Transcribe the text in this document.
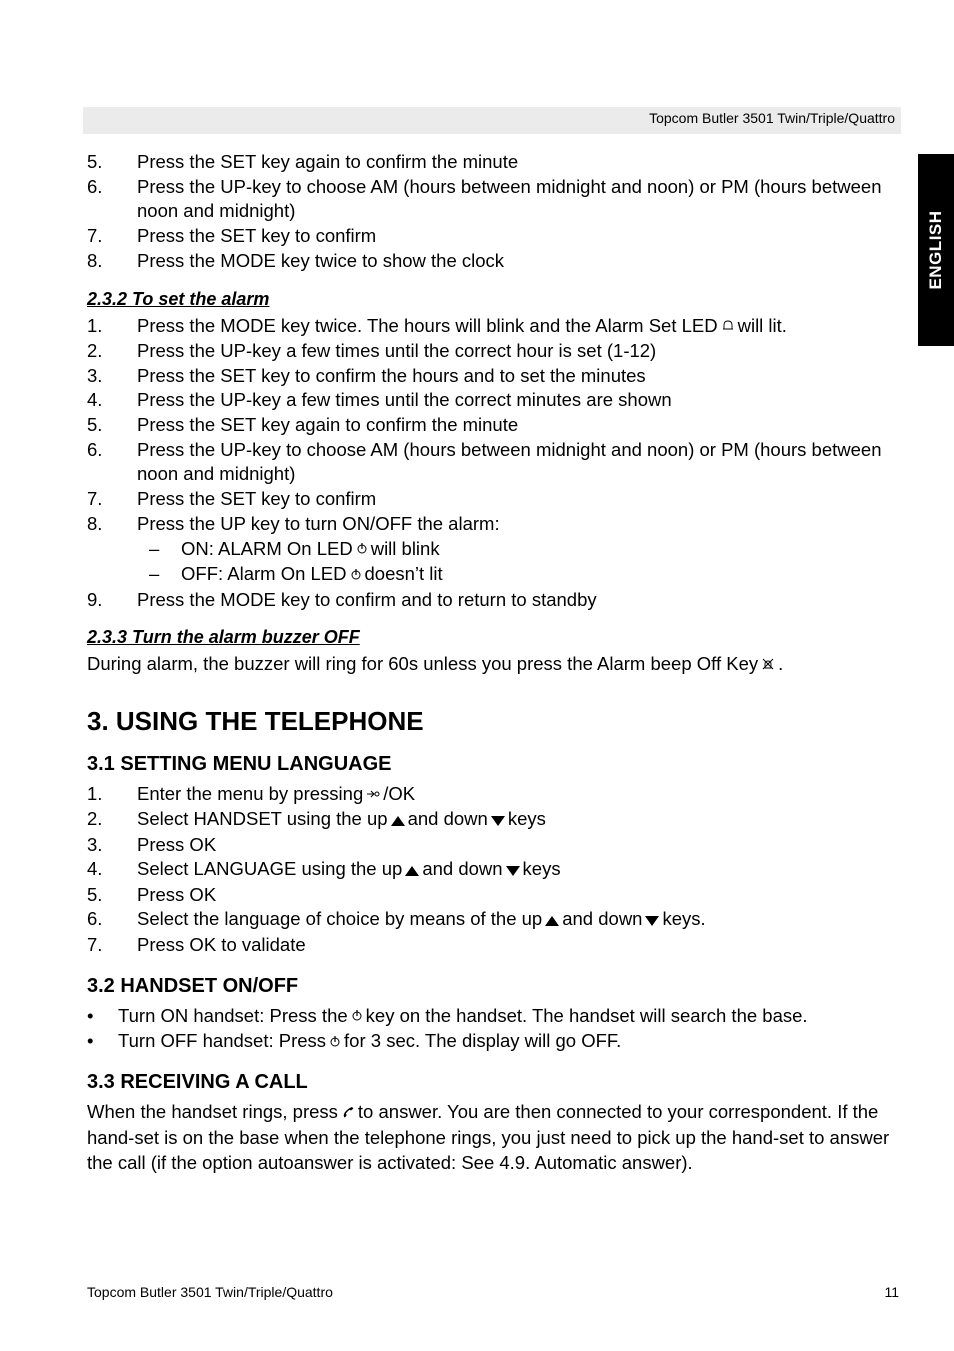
Topcom Butler 3501 Twin/Triple/Quattro
ENGLISH
5.	Press the SET key again to confirm the minute
6.	Press the UP-key to choose AM (hours between midnight and noon) or PM (hours between noon and midnight)
7.	Press the SET key to confirm
8.	Press the MODE key twice to show the clock
2.3.2 To set the alarm
1.	Press the MODE key twice. The hours will blink and the Alarm Set LED will lit.
2.	Press the UP-key a few times until the correct hour is set (1-12)
3.	Press the SET key to confirm the hours and to set the minutes
4.	Press the UP-key a few times until the correct minutes are shown
5.	Press the SET key again to confirm the minute
6.	Press the UP-key to choose AM (hours between midnight and noon) or PM (hours between noon and midnight)
7.	Press the SET key to confirm
8.	Press the UP key to turn ON/OFF the alarm:
–	ON: ALARM On LED will blink
–	OFF: Alarm On LED doesn’t lit
9.	Press the MODE key to confirm and to return to standby
2.3.3 Turn the alarm buzzer OFF

During alarm, the buzzer will ring for 60s unless you press the Alarm beep Off Key .

3. USING THE TELEPHONE
3.1 SETTING MENU LANGUAGE
1.	Enter the menu by pressing /OK
2.	Select HANDSET using the up and down keys
3.	Press OK
4.	Select LANGUAGE using the up and down keys
5.	Press OK
6.	Select the language of choice by means of the up and down keys.
7.	Press OK to validate
3.2 HANDSET ON/OFF
•	Turn ON handset: Press the key on the handset. The handset will search the base.
•	Turn OFF handset: Press for 3 sec. The display will go OFF.
3.3 RECEIVING A CALL

When the handset rings, press to answer. You are then connected to your correspondent. If the hand-set is on the base when the telephone rings, you just need to pick up the hand-set to answer the call (if the option autoanswer is activated: See 4.9. Automatic answer).

Topcom Butler 3501 Twin/Triple/Quattro	11
